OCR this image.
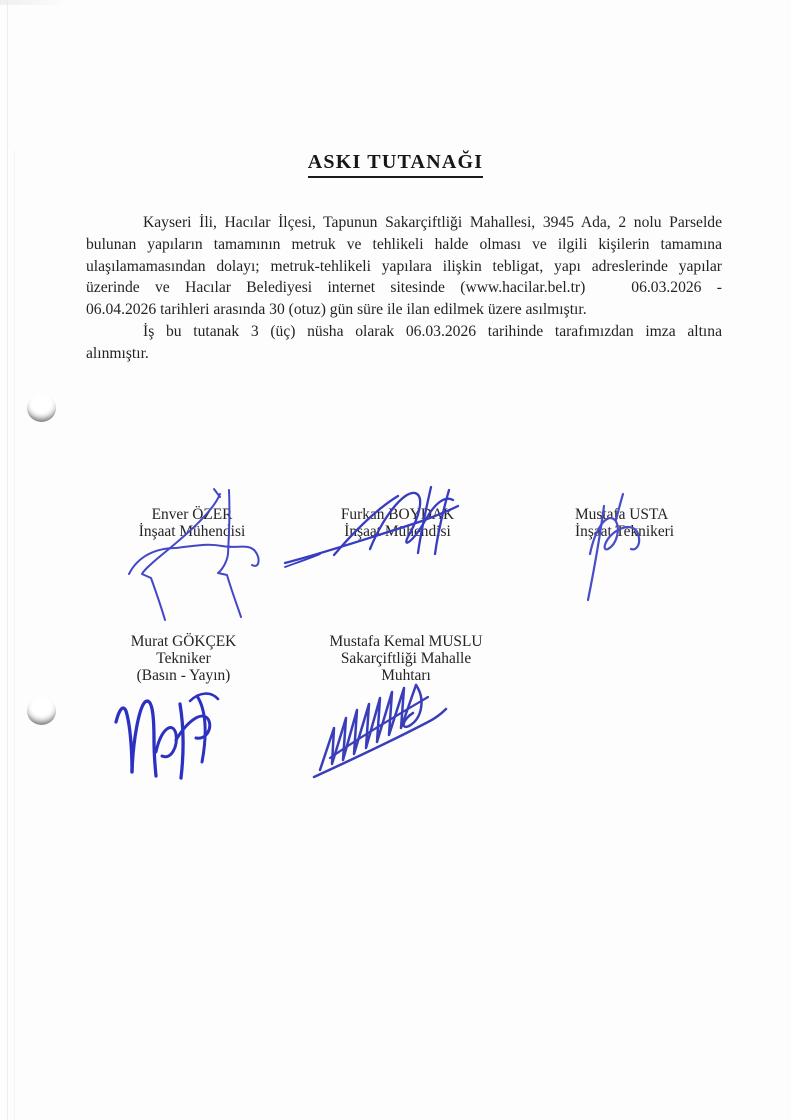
ASKI TUTANAĞI
Kayseri İli, Hacılar İlçesi, Tapunun Sakarçiftliği Mahallesi, 3945 Ada, 2 nolu Parselde
bulunan yapıların tamamının metruk ve tehlikeli halde olması ve ilgili kişilerin tamamına
ulaşılamamasından dolayı; metruk-tehlikeli yapılara ilişkin tebligat, yapı adreslerinde yapılar
üzerinde ve Hacılar Belediyesi internet sitesinde (www.hacilar.bel.tr)   06.03.2026 -
06.04.2026 tarihleri arasında 30 (otuz) gün süre ile ilan edilmek üzere asılmıştır.
İş bu tutanak 3 (üç) nüsha olarak 06.03.2026 tarihinde tarafımızdan imza altına
alınmıştır.
Enver ÖZER
İnşaat Mühendisi
Furkan BOYDAK
İnşaat Mühendisi
Mustafa USTA
İnşaat Teknikeri
Murat GÖKÇEK
Tekniker
(Basın - Yayın)
Mustafa Kemal MUSLU
Sakarçiftliği Mahalle Muhtarı
